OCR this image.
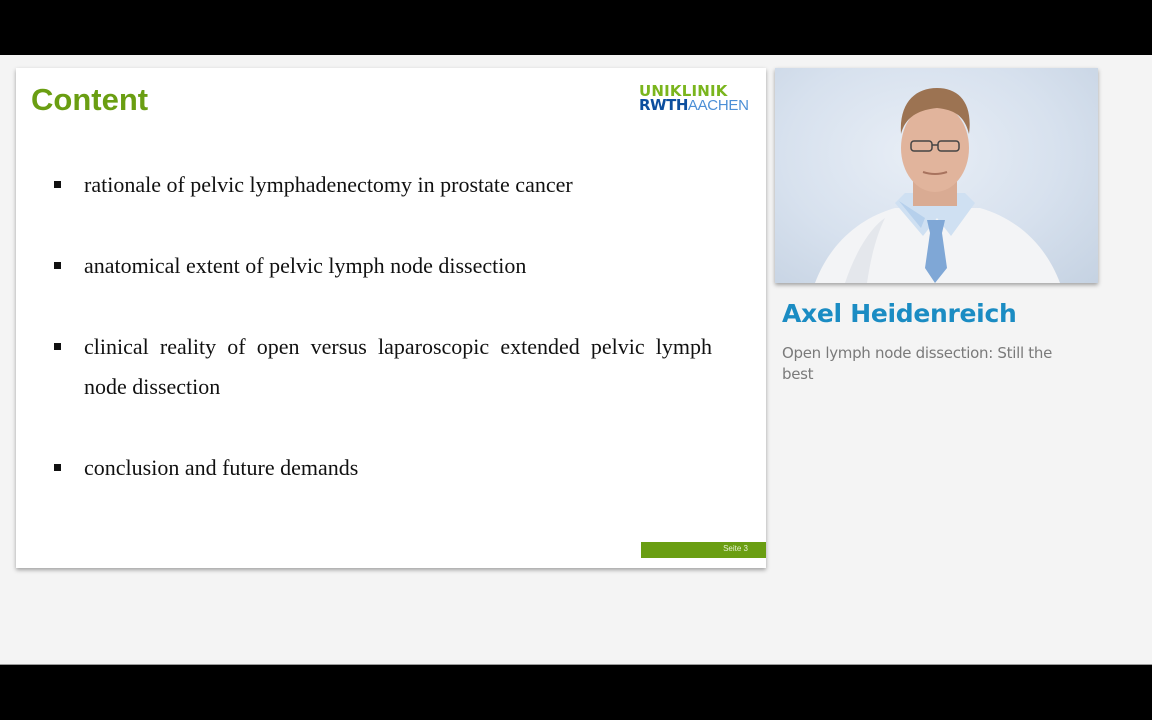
Content	UNIKLINIK
RWTHAACHEN
rationale of pelvic lymphadenectomy in prostate cancer
anatomical extent of pelvic lymph node dissection
clinical reality of open versus laparoscopic extended pelvic lymph node dissection
conclusion and future demands
Seite 3
Axel Heidenreich
Open lymph node dissection: Still the best
